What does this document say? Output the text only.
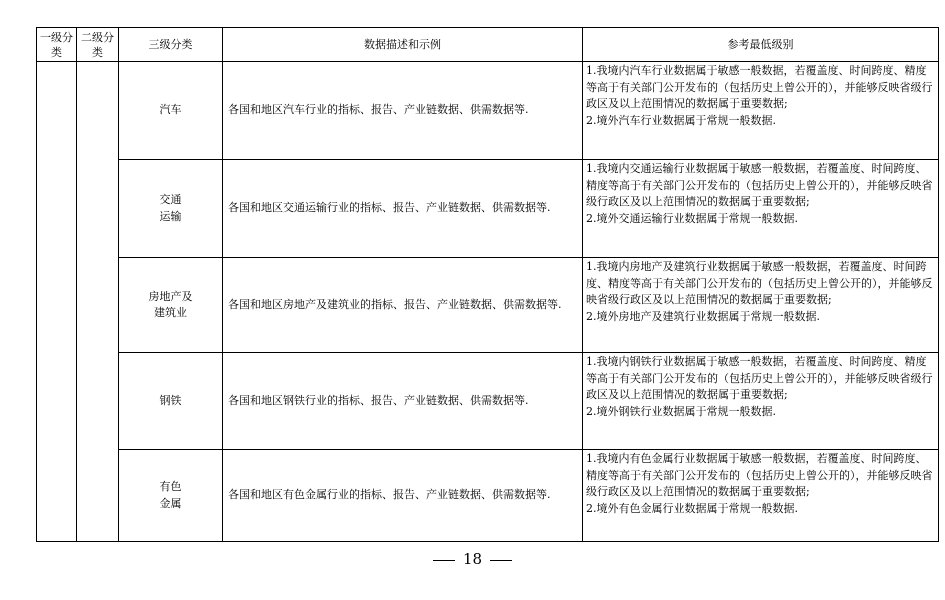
一级分类	二级分类	三级分类	数据描述和示例	参考最低级别
		汽车	各国和地区汽车行业的指标、报告、产业链数据、供需数据等.	1.我境内汽车行业数据属于敏感一般数据，若覆盖度、时间跨度、精度等高于有关部门公开发布的（包括历史上曾公开的），并能够反映省级行政区及以上范围情况的数据属于重要数据;
2.境外汽车行业数据属于常规一般数据.

		交通运输	各国和地区交通运输行业的指标、报告、产业链数据、供需数据等.	1.我境内交通运输行业数据属于敏感一般数据，若覆盖度、时间跨度、精度等高于有关部门公开发布的（包括历史上曾公开的），并能够反映省级行政区及以上范围情况的数据属于重要数据;
2.境外交通运输行业数据属于常规一般数据.

		房地产及建筑业	各国和地区房地产及建筑业的指标、报告、产业链数据、供需数据等.	1.我境内房地产及建筑行业数据属于敏感一般数据，若覆盖度、时间跨度、精度等高于有关部门公开发布的（包括历史上曾公开的），并能够反映省级行政区及以上范围情况的数据属于重要数据;
2.境外房地产及建筑行业数据属于常规一般数据.

		钢铁	各国和地区钢铁行业的指标、报告、产业链数据、供需数据等.	1.我境内钢铁行业数据属于敏感一般数据，若覆盖度、时间跨度、精度等高于有关部门公开发布的（包括历史上曾公开的），并能够反映省级行政区及以上范围情况的数据属于重要数据;
2.境外钢铁行业数据属于常规一般数据.

		有色金属	各国和地区有色金属行业的指标、报告、产业链数据、供需数据等.	1.我境内有色金属行业数据属于敏感一般数据，若覆盖度、时间跨度、精度等高于有关部门公开发布的（包括历史上曾公开的），并能够反映省级行政区及以上范围情况的数据属于重要数据;
2.境外有色金属行业数据属于常规一般数据.
18
